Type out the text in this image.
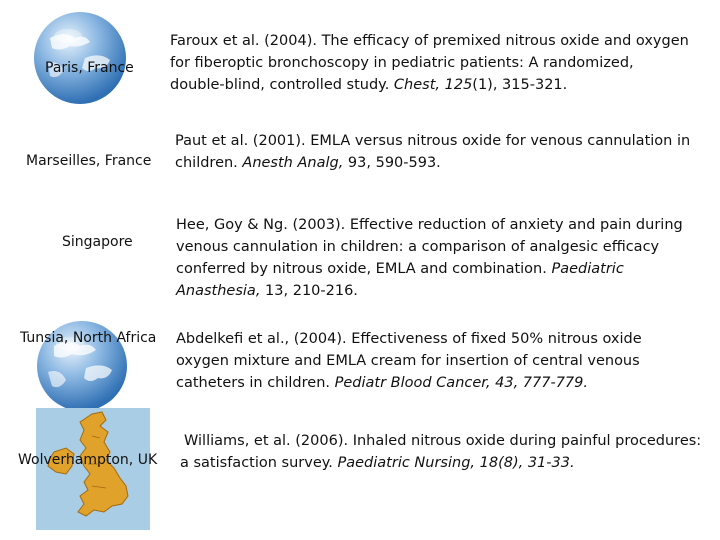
Paris, France
Faroux et al. (2004). The efficacy of premixed nitrous oxide and oxygen for fiberoptic bronchoscopy in pediatric patients: A randomized, double-blind, controlled study. Chest, 125(1), 315-321.
Marseilles, France
Paut et al. (2001). EMLA versus nitrous oxide for venous cannulation in children. Anesth Analg, 93, 590-593.
Singapore
Hee, Goy & Ng. (2003). Effective reduction of anxiety and pain during venous cannulation in children: a comparison of analgesic efficacy conferred by nitrous oxide, EMLA and combination. Paediatric Anasthesia, 13, 210-216.
Tunsia, North Africa Abdelkefi et al., (2004). Effectiveness of fixed 50% nitrous oxide oxygen mixture and EMLA cream for insertion of central venous catheters in children. Pediatr Blood Cancer, 43, 777-779.
Wolverhampton, UK
Williams, et al. (2006). Inhaled nitrous oxide during painful procedures: a satisfaction survey. Paediatric Nursing, 18(8), 31-33.
